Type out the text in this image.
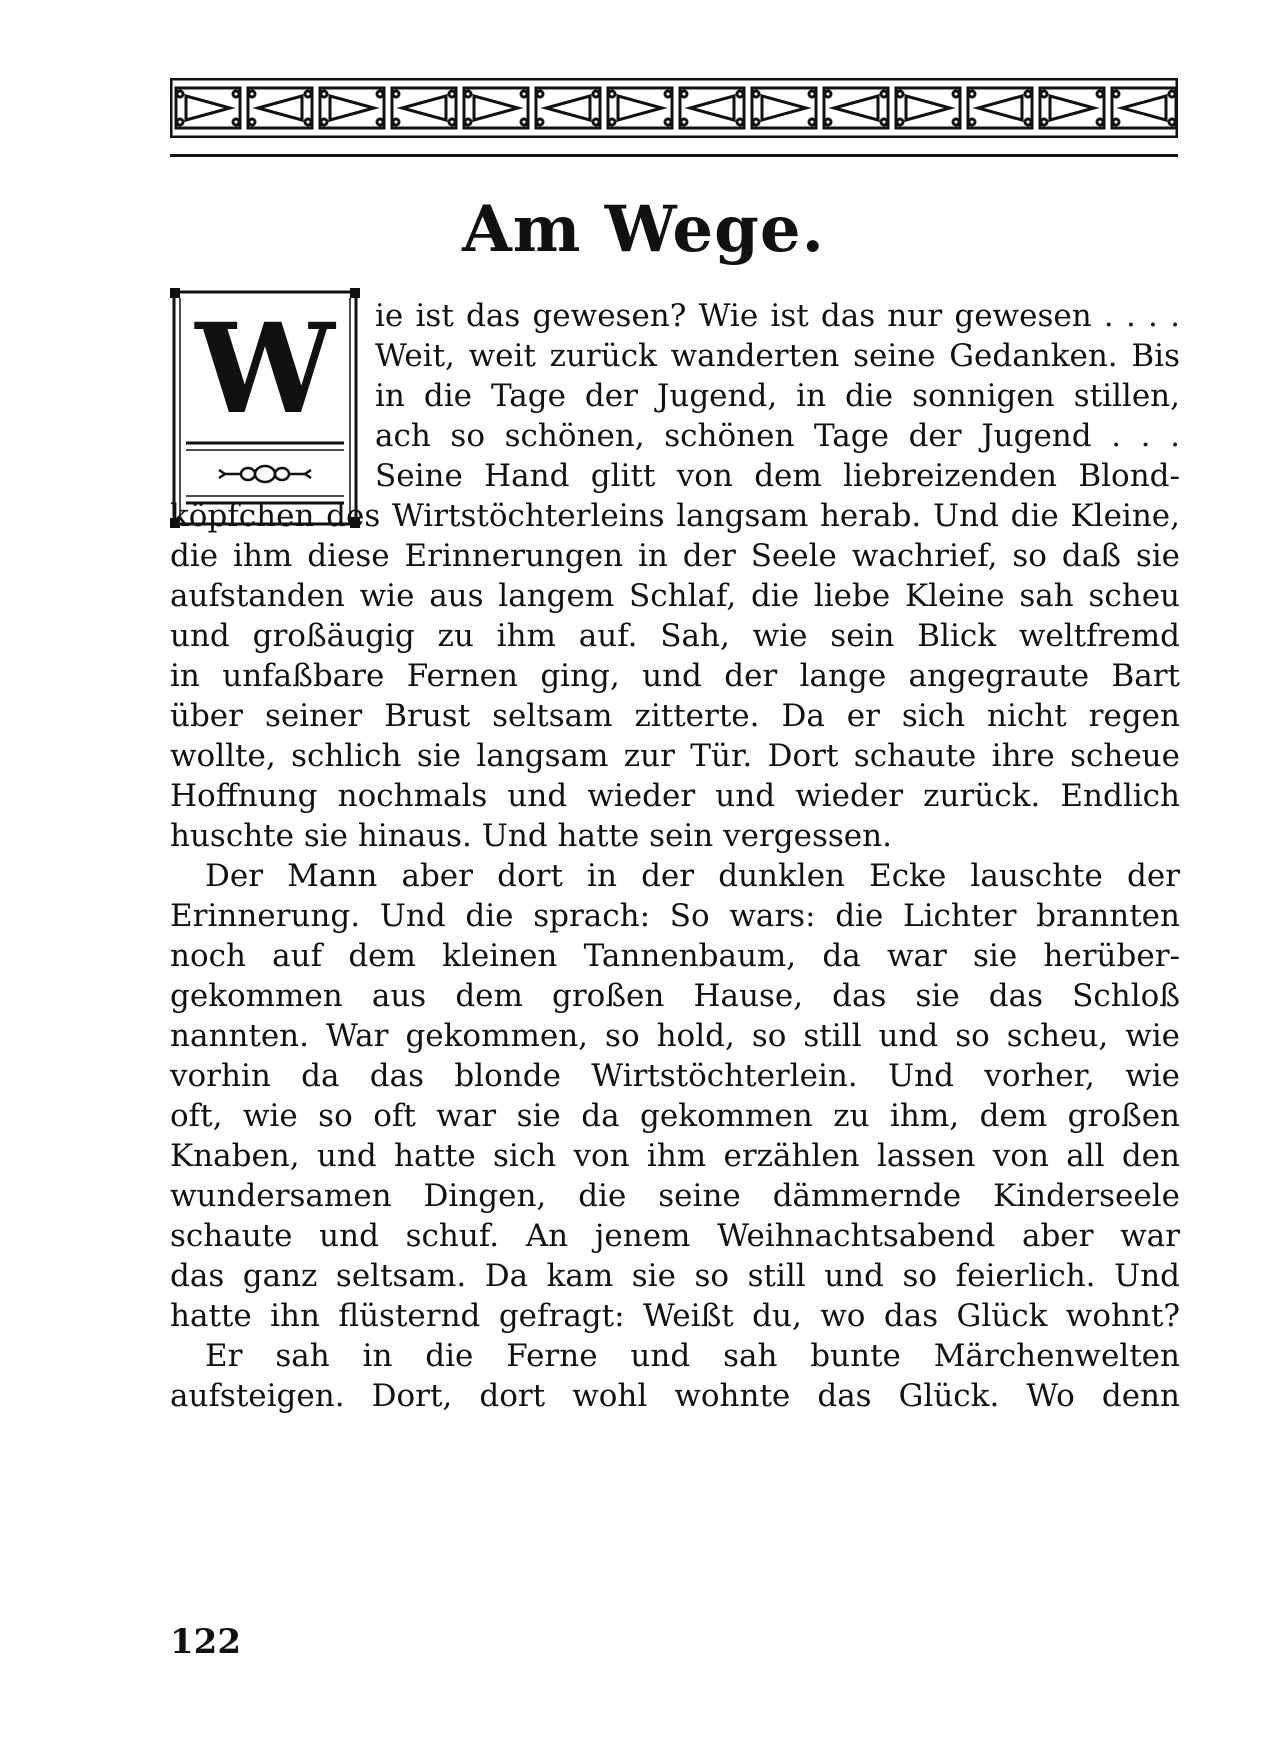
Am Wege.
W ie ist das gewesen? Wie ist das nur gewesen . . . .
Weit, weit zurück wanderten seine Gedanken. Bis
in die Tage der Jugend, in die sonnigen stillen,
ach so schönen, schönen Tage der Jugend . . .
Seine Hand glitt von dem liebreizenden Blond-
köpfchen des Wirtstöchterleins langsam herab. Und die Kleine,
die ihm diese Erinnerungen in der Seele wachrief, so daß sie
aufstanden wie aus langem Schlaf, die liebe Kleine sah scheu
und großäugig zu ihm auf. Sah, wie sein Blick weltfremd
in unfaßbare Fernen ging, und der lange angegraute Bart
über seiner Brust seltsam zitterte. Da er sich nicht regen
wollte, schlich sie langsam zur Tür. Dort schaute ihre scheue
Hoffnung nochmals und wieder und wieder zurück. Endlich
huschte sie hinaus. Und hatte sein vergessen.
Der Mann aber dort in der dunklen Ecke lauschte der
Erinnerung. Und die sprach: So wars: die Lichter brannten
noch auf dem kleinen Tannenbaum, da war sie herüber-
gekommen aus dem großen Hause, das sie das Schloß
nannten. War gekommen, so hold, so still und so scheu, wie
vorhin da das blonde Wirtstöchterlein. Und vorher, wie
oft, wie so oft war sie da gekommen zu ihm, dem großen
Knaben, und hatte sich von ihm erzählen lassen von all den
wundersamen Dingen, die seine dämmernde Kinderseele
schaute und schuf. An jenem Weihnachtsabend aber war
das ganz seltsam. Da kam sie so still und so feierlich. Und
hatte ihn flüsternd gefragt: Weißt du, wo das Glück wohnt?
Er sah in die Ferne und sah bunte Märchenwelten
aufsteigen. Dort, dort wohl wohnte das Glück. Wo denn
122
